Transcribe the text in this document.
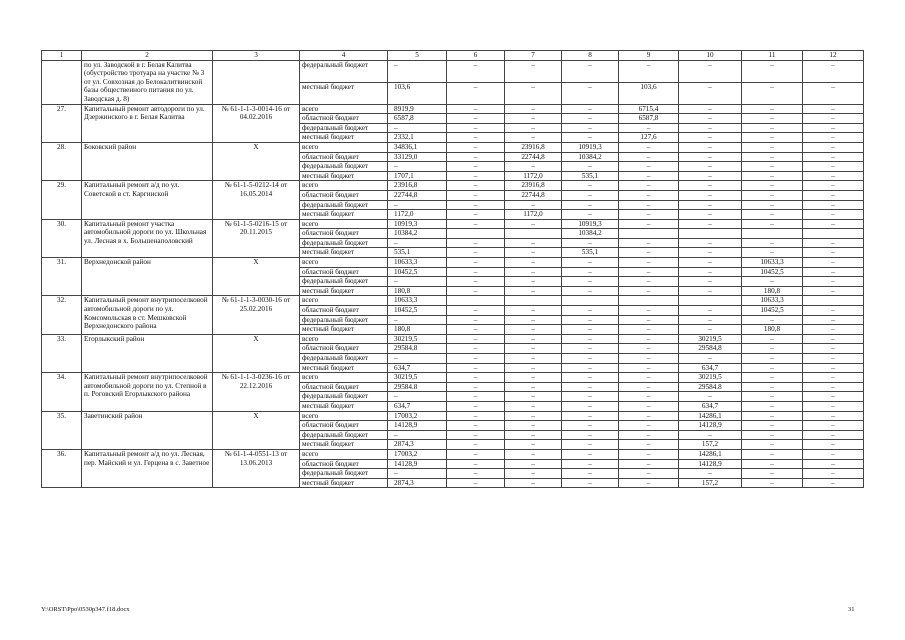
1	2	3	4	5	6	7	8	9	10	11	12
	по ул. Заводской в г. Белая Калитва (обустройство тротуара на участке № 3 от ул. Совхозная до Белокалитвинской базы общественного питания по ул. Заводская д. 8)		федеральный бюджет	–	–	–	–	–	–	–	–
			местный бюджет	103,6	–	–	–	103,6	–	–	–
27.	Капитальный ремонт автодороги по ул. Дзержинского в г. Белая Калитва	№ 61-1-1-3-0014-16 от 04.02.2016	всего	8919,9	–	–	–	6715,4	–	–	–
			областной бюджет	6587,8	–	–	–	6587,8	–	–	–
			федеральный бюджет	–	–	–	–	–	–	–	–
			местный бюджет	2332,1	–	–	–	127,6	–	–	–
28.	Боковский район	X	всего	34836,1	–	23916,8	10919,3	–	–	–	–
			областной бюджет	33129,0	–	22744,8	10384,2	–	–	–	–
			федеральный бюджет	–	–	–	–	–	–	–	–
			местный бюджет	1707,1	–	1172,0	535,1	–	–	–	–
29.	Капитальный ремонт а/д по ул. Советской в ст. Каргинской	№ 61-1-5-0212-14 от 16.05.2014	всего	23916,8	–	23916,8	–	–	–	–	–
			областной бюджет	22744,8	–	22744,8	–	–	–	–	–
			федеральный бюджет	–	–	–	–	–	–	–	–
			местный бюджет	1172,0	–	1172,0	–	–	–	–	–
30.	Капитальный ремонт участка автомобильной дороги по ул. Школьная ул. Лесная в х. Большенаполовский	№ 61-1-5-0216-15 от 20.11.2015	всего	10919,3	–	–	10919,3	–	–	–	–
			областной бюджет	10384,2			10384,2				
			федеральный бюджет	–	–	–	–	–	–	–	–
			местный бюджет	535,1	–	–	535,1	–	–	–	–
31.	Верхнедонской район	X	всего	10633,3	–	–	–	–	–	10633,3	–
			областной бюджет	10452,5	–	–	–	–	–	10452,5	–
			федеральный бюджет	–	–	–	–	–	–	–	–
			местный бюджет	180,8	–	–	–	–	–	180,8	–
32.	Капитальный ремонт внутрипоселковой автомобильной дороги по ул. Комсомольская в ст. Мешковской Верхнедонского района	№ 61-1-1-3-0030-16 от 25.02.2016	всего	10633,3						10633,3	
			областной бюджет	10452,5	–	–	–	–	–	10452,5	–
			федеральный бюджет	–	–	–	–	–	–	–	–
			местный бюджет	180,8	–	–	–	–	–	180,8	–
33.	Егорлыкский район	X	всего	30219,5	–	–	–	–	30219,5	–	–
			областной бюджет	29584,8	–	–	–	–	29584,8	–	–
			федеральный бюджет	–	–	–	–	–	–	–	–
			местный бюджет	634,7	–	–	–	–	634,7	–	–
34.	Капитальный ремонт внутрипоселковой автомобильной дороги по ул. Степной в п. Роговский Егорлыкского района	№ 61-1-1-3-0236-16 от 22.12.2016	всего	30219,5	–	–	–	–	30219,5	–	–
			областной бюджет	29584.8	–	–	–	–	29584.8	–	–
			федеральный бюджет	–	–	–	–	–	–	–	–
			местный бюджет	634,7	–	–	–	–	634,7	–	–
35.	Заветинский район	X	всего	17003,2	–	–	–	–	14286,1	–	–
			областной бюджет	14128,9	–	–	–	–	14128,9	–	–
			федеральный бюджет	–	–	–	–	–	–	–	–
			местный бюджет	2874,3	–	–	–	–	157,2	–	–
36.	Капитальный ремонт а/д по ул. Лесная, пер. Майский и ул. Герцена в с. Заветное	№ 61-1-4-0551-13 от 13.06.2013	всего	17003,2	–	–	–	–	14286,1	–	–
			областной бюджет	14128,9	–	–	–	–	14128,9	–	–
			федеральный бюджет	–	–	–	–	–	–	–	–
			местный бюджет	2874,3	–	–	–	–	157,2	–	–
Y:\ORST\Ppo\0530p347.f18.docx	31
